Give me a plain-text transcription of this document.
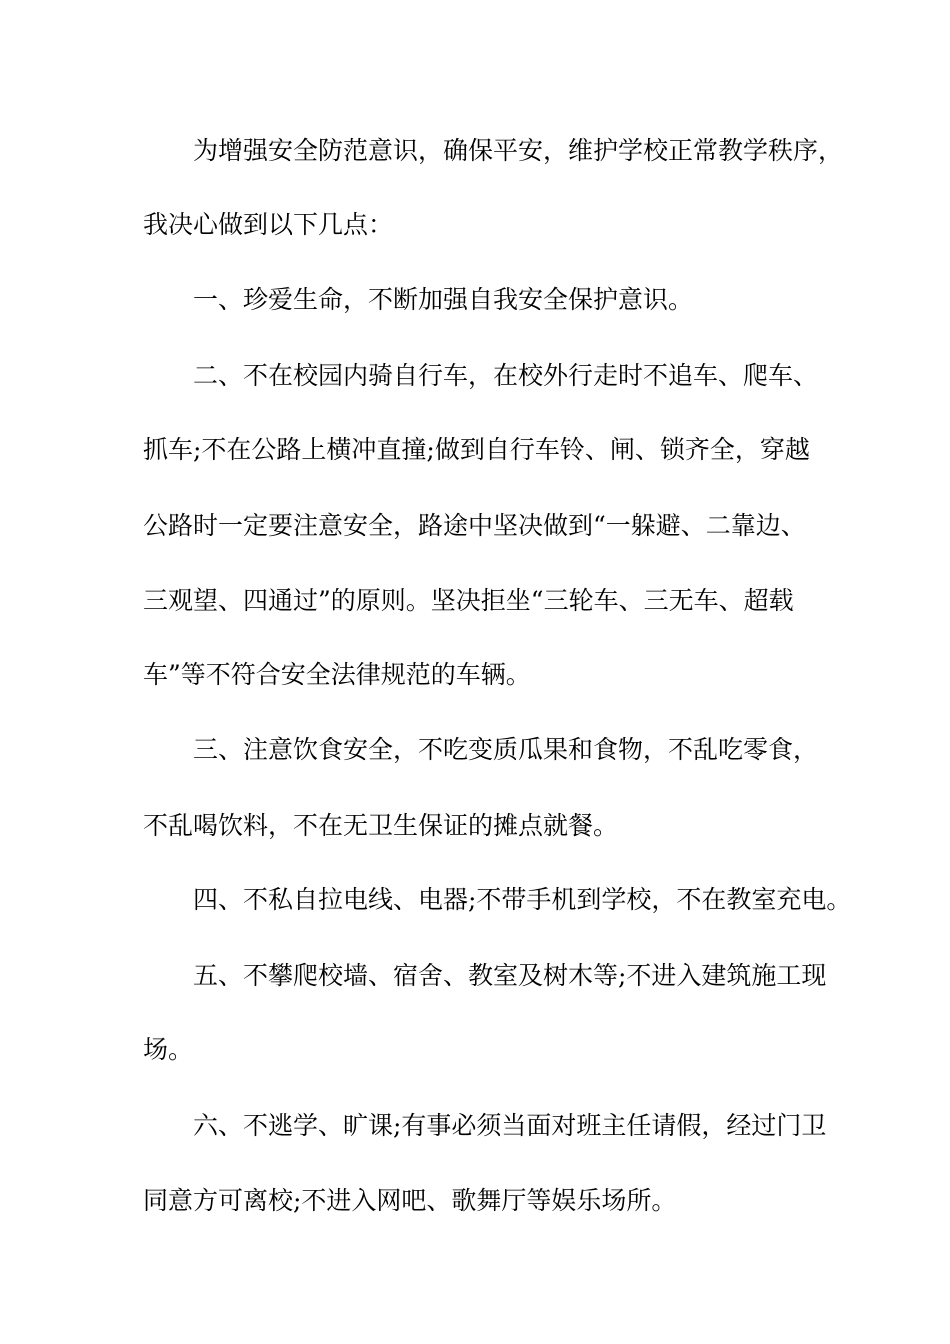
为增强安全防范意识，确保平安，维护学校正常教学秩序，

我决心做到以下几点：

一、珍爱生命，不断加强自我安全保护意识。

二、不在校园内骑自行车，在校外行走时不追车、爬车、

抓车;不在公路上横冲直撞;做到自行车铃、闸、锁齐全，穿越

公路时一定要注意安全，路途中坚决做到“一躲避、二靠边、

三观望、四通过”的原则。坚决拒坐“三轮车、三无车、超载

车”等不符合安全法律规范的车辆。

三、注意饮食安全，不吃变质瓜果和食物，不乱吃零食，

不乱喝饮料，不在无卫生保证的摊点就餐。

四、不私自拉电线、电器;不带手机到学校，不在教室充电。

五、不攀爬校墙、宿舍、教室及树木等;不进入建筑施工现

场。

六、不逃学、旷课;有事必须当面对班主任请假，经过门卫

同意方可离校;不进入网吧、歌舞厅等娱乐场所。
